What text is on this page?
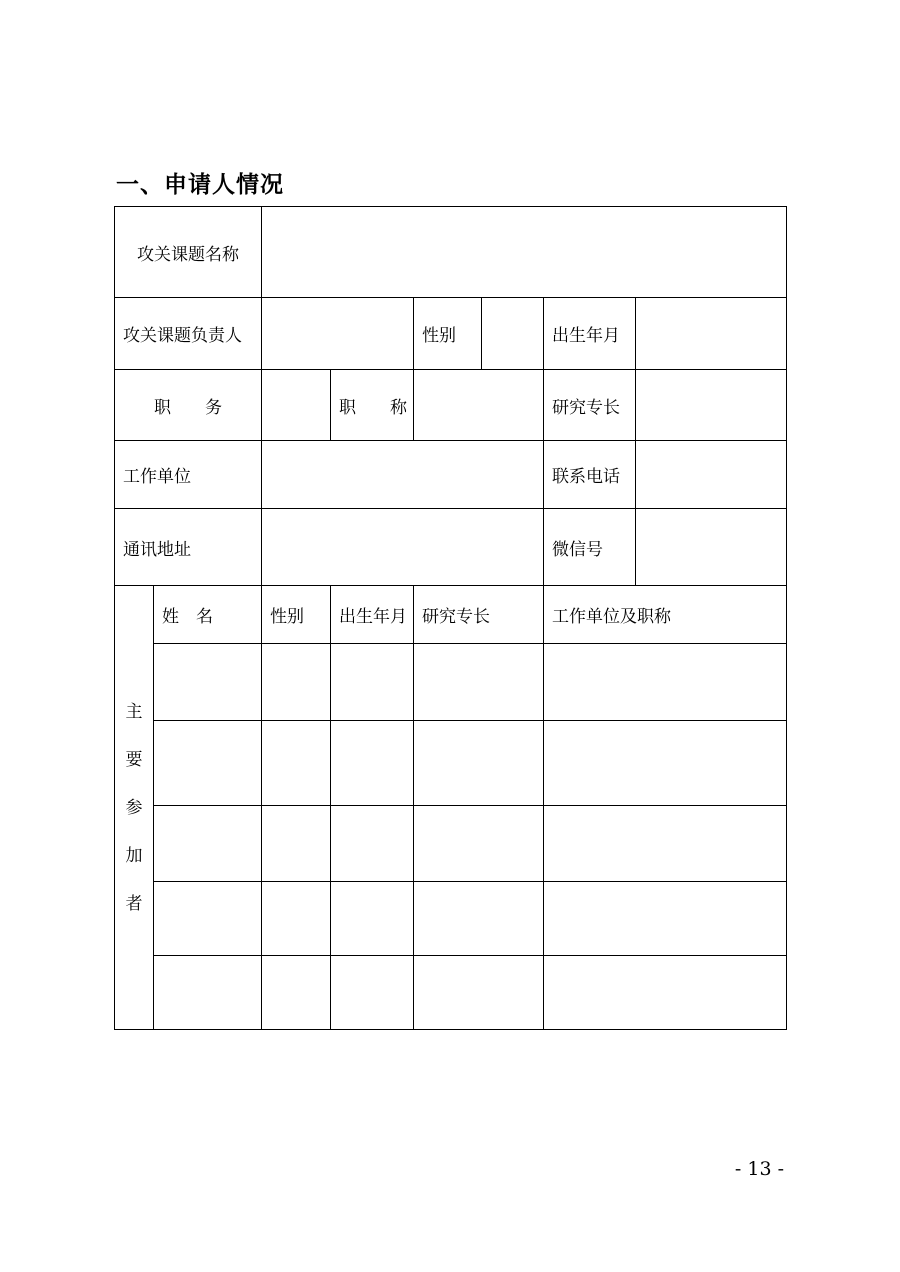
一、申请人情况
攻关课题名称							
攻关课题负责人				性别		出生年月	
职　　务			职　　称			研究专长	
工作单位						联系电话	
通讯地址						微信号	

主要参加者	姓　名	性别	出生年月	研究专长		工作单位及职称	

- 13 -
